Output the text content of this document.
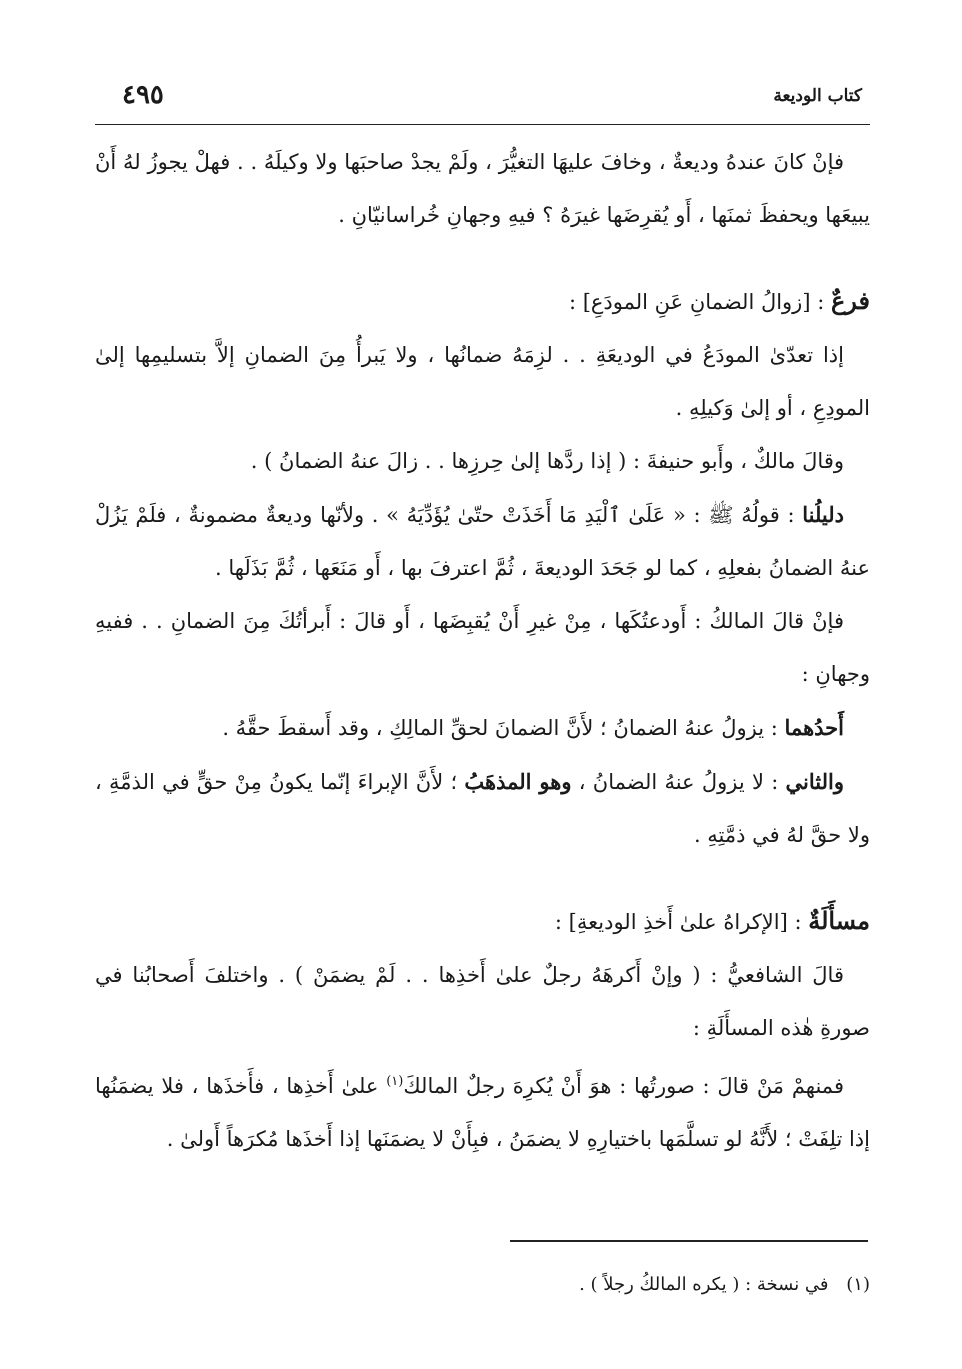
كتاب الوديعة
٤٩٥

فإنْ كانَ عندهُ وديعةٌ ، وخافَ عليهَا التغيُّرَ ، ولَمْ يجدْ صاحبَها ولا وكيلَهُ . . فهلْ يجوزُ لهُ أَنْ يبيعَها ويحفظَ ثمنَها ، أَو يُقرِضَها غيرَهُ ؟ فيهِ وجهانِ خُراسانيّانِ .

فرعٌ : [زوالُ الضمانِ عَنِ المودَعِ] :

إذا تعدّىٰ المودَعُ في الوديعَةِ . . لزِمَهُ ضمانُها ، ولا يَبرأُ مِنَ الضمانِ إلاَّ بتسليمِها إلىٰ المودِعِ ، أو إلىٰ وَكيلِهِ .

وقالَ مالكٌ ، وأَبو حنيفةَ : ( إذا ردَّها إلىٰ حِرزِها . . زالَ عنهُ الضمانُ ) .

دليلُنا : قولُهُ ﷺ : « عَلَىٰ ٱلْيَدِ مَا أَخَذَتْ حتّىٰ يُؤَدِّيَهُ » . ولأنّها وديعةٌ مضمونةٌ ، فلَمْ يَزُلْ عنهُ الضمانُ بفعلِهِ ، كما لو جَحَدَ الوديعةَ ، ثُمَّ اعترفَ بها ، أَو مَنَعَها ، ثُمَّ بَذَلَها .

فإنْ قالَ المالكُ : أَودعتُكَها ، مِنْ غيرِ أَنْ يُقبِضَها ، أَو قالَ : أَبرأتُكَ مِنَ الضمانِ . . ففيهِ وجهانِ :

أَحدُهما : يزولُ عنهُ الضمانُ ؛ لأَنَّ الضمانَ لحقِّ المالِكِ ، وقد أَسقطَ حقَّهُ .

والثاني : لا يزولُ عنهُ الضمانُ ، وهو المذهَبُ ؛ لأَنَّ الإبراءَ إنّما يكونُ مِنْ حقٍّ في الذمَّةِ ، ولا حقَّ لهُ في ذمَّتِهِ .

مسأَلَةٌ : [الإكراهُ علىٰ أَخذِ الوديعةِ] :

قالَ الشافعيُّ : ( وإنْ أَكرهَهُ رجلٌ علىٰ أَخذِها . . لَمْ يضمَنْ ) . واختلفَ أَصحابُنا في صورةِ هٰذه المسأَلَةِ :

فمنهمْ مَنْ قالَ : صورتُها : هوَ أَنْ يُكرِهَ رجلٌ المالكَ$^{(١)}$ علىٰ أَخذِها ، فأَخذَها ، فلا يضمَنُها إذا تلِفَتْ ؛ لأَنَّهُ لو تسلَّمَها باختيارِهِ لا يضمَنُ ، فبِأَنْ لا يضمَنَها إذا أَخذَها مُكرَهاً أَولىٰ .

(١) في نسخة : ( يكره المالكُ رجلاً ) .
